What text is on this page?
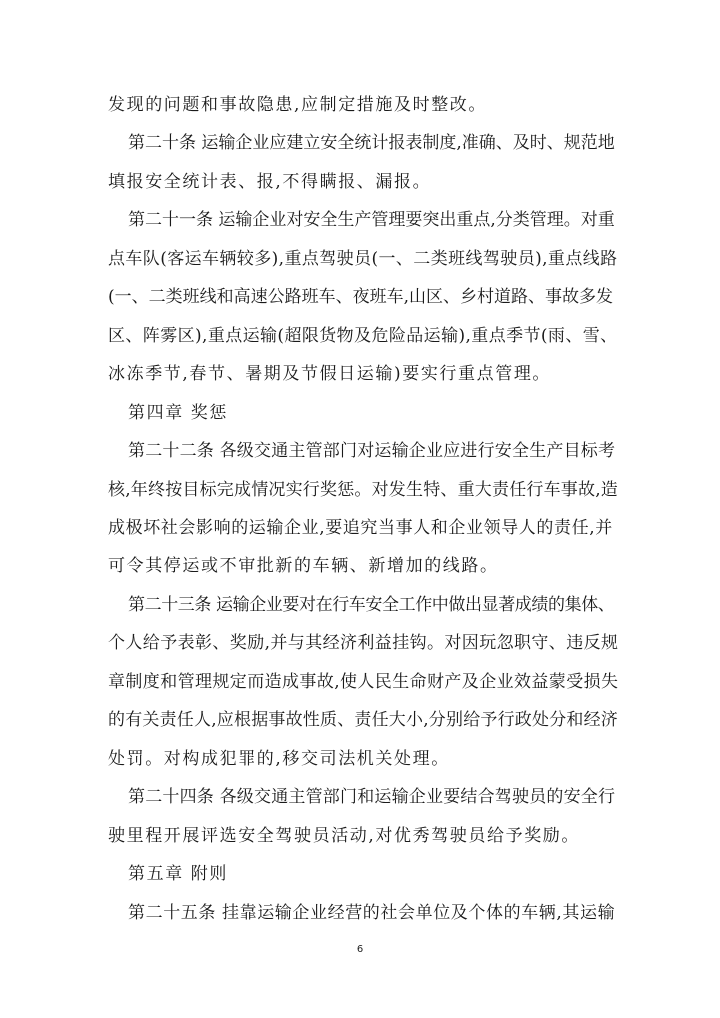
发现的问题和事故隐患,应制定措施及时整改。
第二十条 运输企业应建立安全统计报表制度,准确、及时、规范地
填报安全统计表、报,不得瞒报、漏报。
第二十一条 运输企业对安全生产管理要突出重点,分类管理。对重
点车队(客运车辆较多),重点驾驶员(一、二类班线驾驶员),重点线路
(一、二类班线和高速公路班车、夜班车,山区、乡村道路、事故多发
区、阵雾区),重点运输(超限货物及危险品运输),重点季节(雨、雪、
冰冻季节,春节、暑期及节假日运输)要实行重点管理。
第四章 奖惩
第二十二条 各级交通主管部门对运输企业应进行安全生产目标考
核,年终按目标完成情况实行奖惩。对发生特、重大责任行车事故,造
成极坏社会影响的运输企业,要追究当事人和企业领导人的责任,并
可令其停运或不审批新的车辆、新增加的线路。
第二十三条 运输企业要对在行车安全工作中做出显著成绩的集体、
个人给予表彰、奖励,并与其经济利益挂钩。对因玩忽职守、违反规
章制度和管理规定而造成事故,使人民生命财产及企业效益蒙受损失
的有关责任人,应根据事故性质、责任大小,分别给予行政处分和经济
处罚。对构成犯罪的,移交司法机关处理。
第二十四条 各级交通主管部门和运输企业要结合驾驶员的安全行
驶里程开展评选安全驾驶员活动,对优秀驾驶员给予奖励。
第五章 附则
第二十五条 挂靠运输企业经营的社会单位及个体的车辆,其运输
6
